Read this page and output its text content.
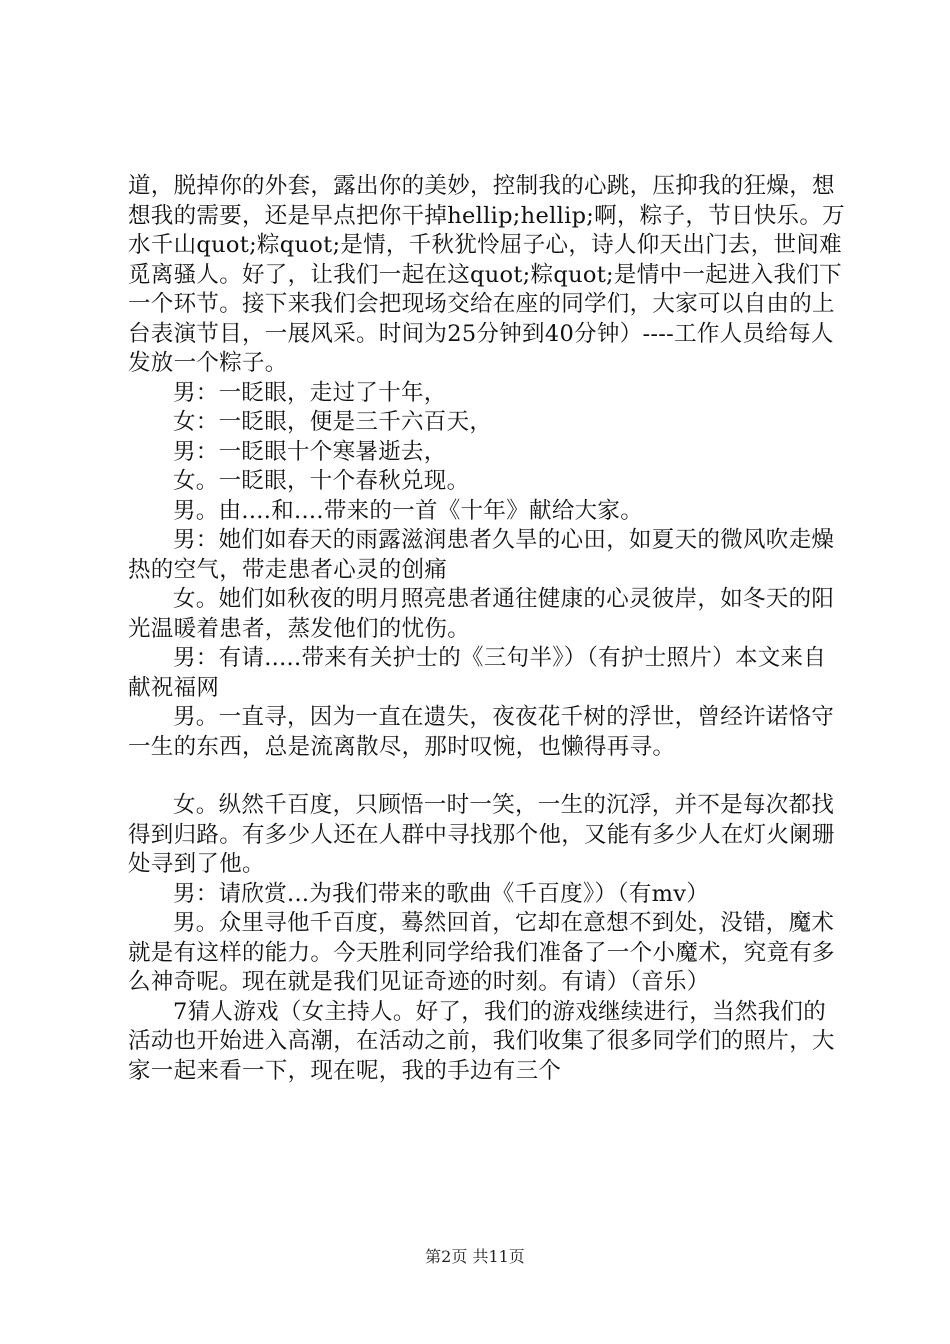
道，脱掉你的外套，露出你的美妙，控制我的心跳，压抑我的狂燥，想想我的需要，还是早点把你干掉hellip;hellip;啊，粽子，节日快乐。万水千山quot;粽quot;是情，千秋犹怜屈子心，诗人仰天出门去，世间难觅离骚人。好了，让我们一起在这quot;粽quot;是情中一起进入我们下一个环节。接下来我们会把现场交给在座的同学们，大家可以自由的上台表演节目，一展风采。时间为25分钟到40分钟）----工作人员给每人发放一个粽子。

男：一眨眼，走过了十年，

女：一眨眼，便是三千六百天，

男：一眨眼十个寒暑逝去，

女。一眨眼，十个春秋兑现。

男。由....和....带来的一首《十年》献给大家。

男：她们如春天的雨露滋润患者久旱的心田，如夏天的微风吹走燥热的空气，带走患者心灵的创痛

女。她们如秋夜的明月照亮患者通往健康的心灵彼岸，如冬天的阳光温暖着患者，蒸发他们的忧伤。

男：有请.....带来有关护士的《三句半》）（有护士照片）本文来自献祝福网

男。一直寻，因为一直在遗失，夜夜花千树的浮世，曾经许诺恪守一生的东西，总是流离散尽，那时叹惋，也懒得再寻。

女。纵然千百度，只顾悟一时一笑，一生的沉浮，并不是每次都找得到归路。有多少人还在人群中寻找那个他，又能有多少人在灯火阑珊处寻到了他。

男：请欣赏...为我们带来的歌曲《千百度》）（有mv）

男。众里寻他千百度，蓦然回首，它却在意想不到处，没错，魔术就是有这样的能力。今天胜利同学给我们准备了一个小魔术，究竟有多么神奇呢。现在就是我们见证奇迹的时刻。有请）（音乐）

7猜人游戏（女主持人。好了，我们的游戏继续进行，当然我们的活动也开始进入高潮，在活动之前，我们收集了很多同学们的照片，大家一起来看一下，现在呢，我的手边有三个

第2页 共11页
